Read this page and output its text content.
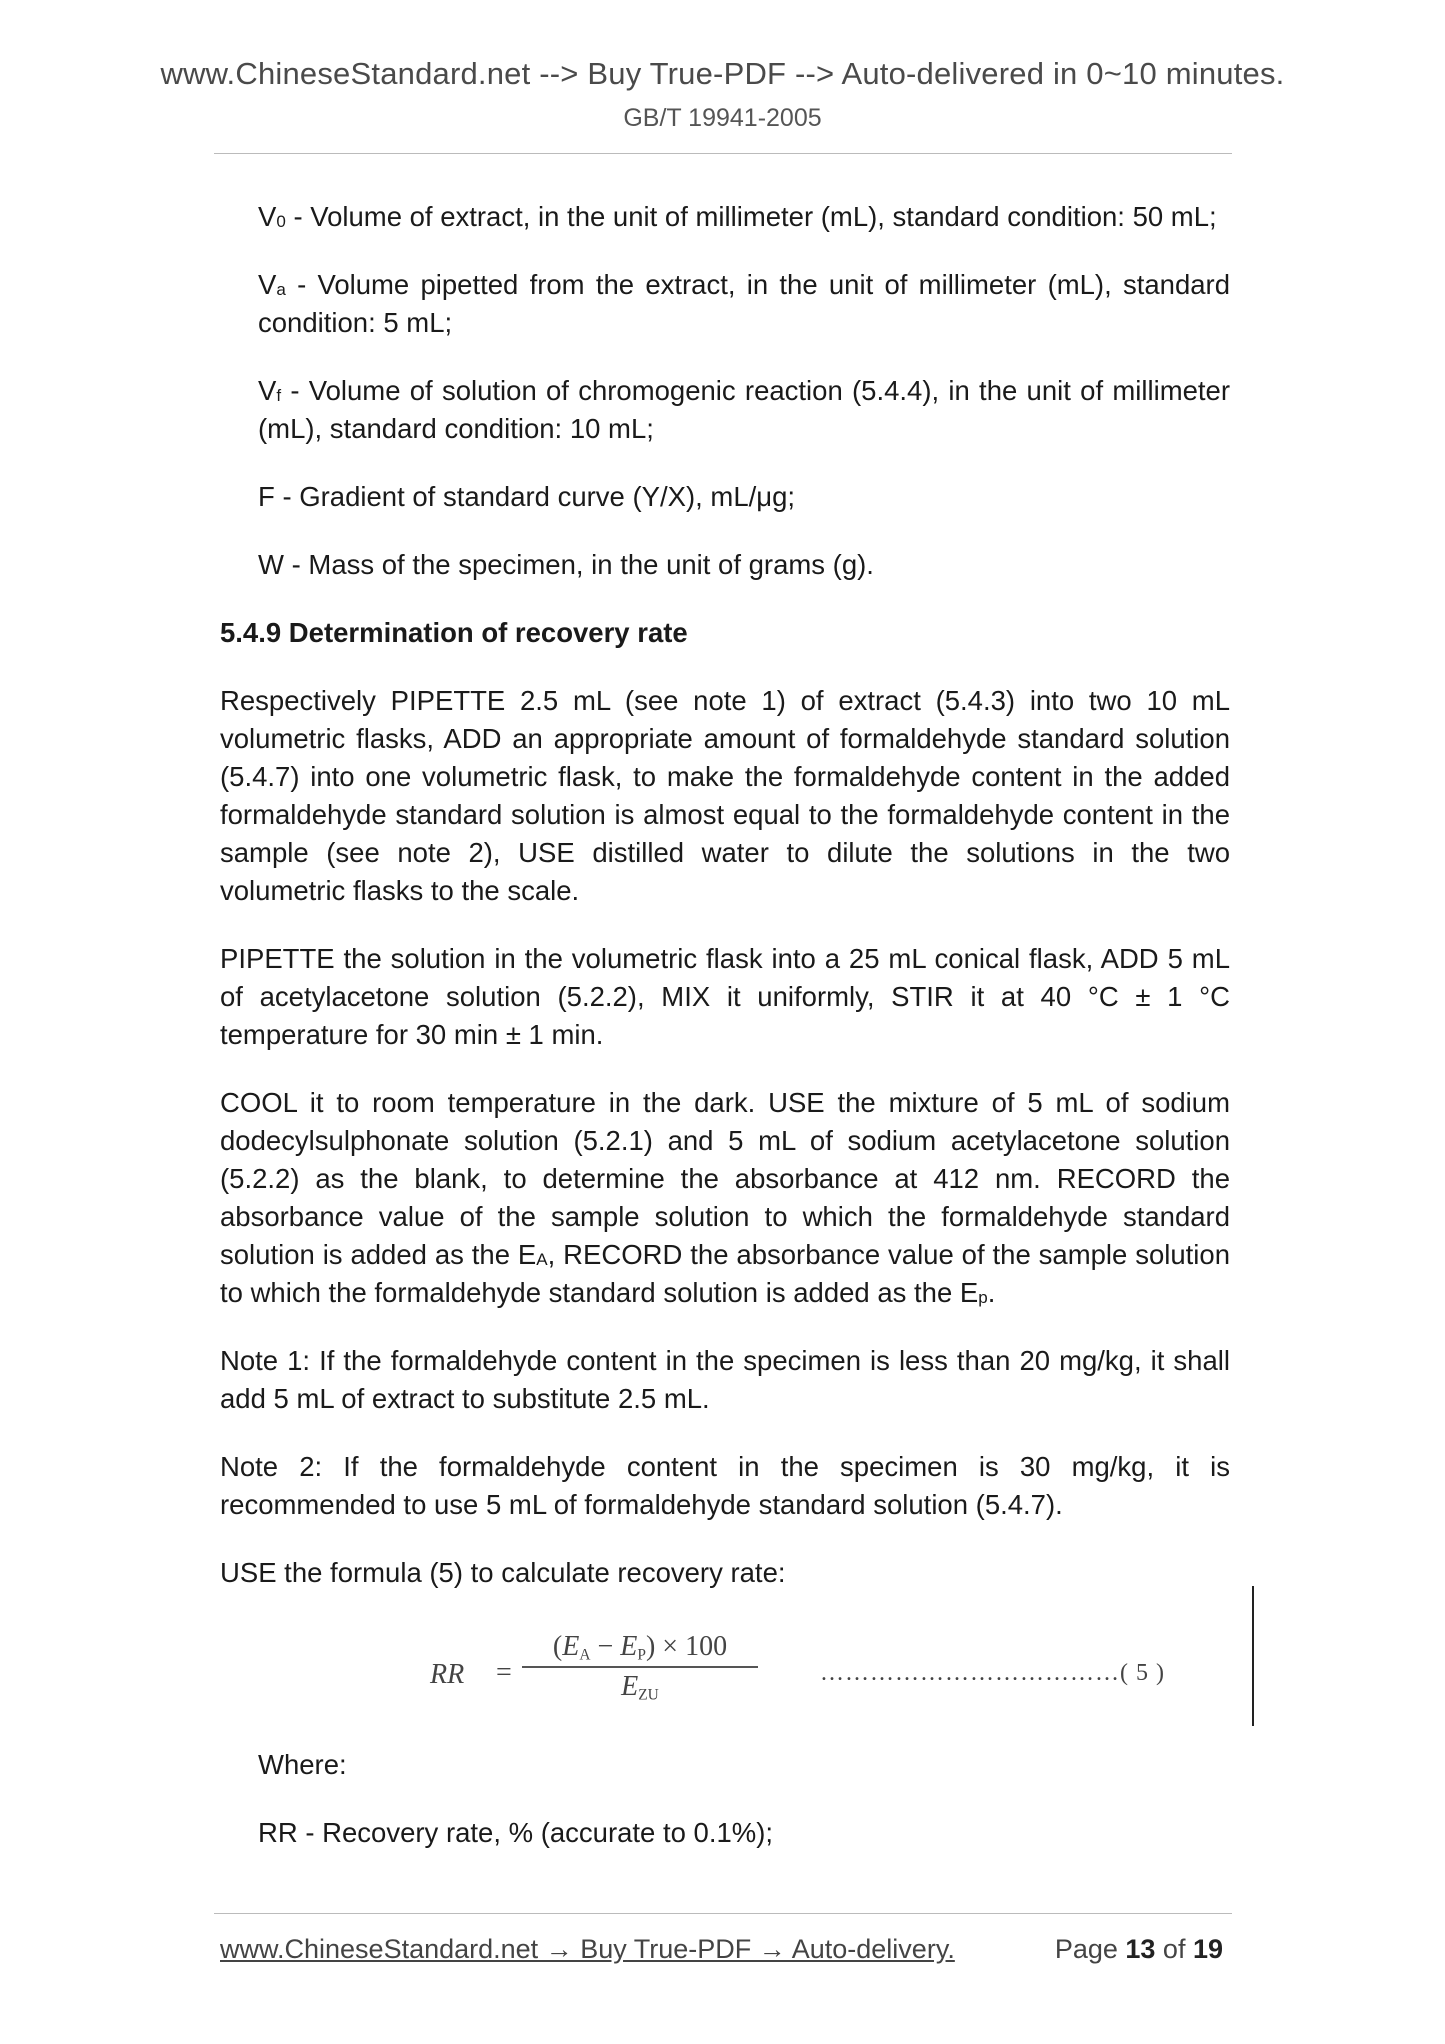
www.ChineseStandard.net --> Buy True-PDF --> Auto-delivered in 0~10 minutes.
GB/T 19941-2005

$V_0$ - Volume of extract, in the unit of millimeter (mL), standard condition: 50 mL;

$V_a$ - Volume pipetted from the extract, in the unit of millimeter (mL), standard condition: 5 mL;

$V_f$ - Volume of solution of chromogenic reaction (5.4.4), in the unit of millimeter (mL), standard condition: 10 mL;

F - Gradient of standard curve (Y/X), mL/μg;

W - Mass of the specimen, in the unit of grams (g).

5.4.9 Determination of recovery rate

Respectively PIPETTE 2.5 mL (see note 1) of extract (5.4.3) into two 10 mL volumetric flasks, ADD an appropriate amount of formaldehyde standard solution (5.4.7) into one volumetric flask, to make the formaldehyde content in the added formaldehyde standard solution is almost equal to the formaldehyde content in the sample (see note 2), USE distilled water to dilute the solutions in the two volumetric flasks to the scale.

PIPETTE the solution in the volumetric flask into a 25 mL conical flask, ADD 5 mL of acetylacetone solution (5.2.2), MIX it uniformly, STIR it at 40 °C ± 1 °C temperature for 30 min ± 1 min.

COOL it to room temperature in the dark. USE the mixture of 5 mL of sodium dodecylsulphonate solution (5.2.1) and 5 mL of sodium acetylacetone solution (5.2.2) as the blank, to determine the absorbance at 412 nm. RECORD the absorbance value of the sample solution to which the formaldehyde standard solution is added as the $E_A$, RECORD the absorbance value of the sample solution to which the formaldehyde standard solution is added as the $E_p$.

Note 1: If the formaldehyde content in the specimen is less than 20 mg/kg, it shall add 5 mL of extract to substitute 2.5 mL.

Note 2: If the formaldehyde content in the specimen is 30 mg/kg, it is recommended to use 5 mL of formaldehyde standard solution (5.4.7).

USE the formula (5) to calculate recovery rate:

RR =
(EA − EP) × 100
EZU
………………………………( 5 )

Where:

RR - Recovery rate, % (accurate to 0.1%);

www.ChineseStandard.net → Buy True-PDF → Auto-delivery.	Page 13 of 19
